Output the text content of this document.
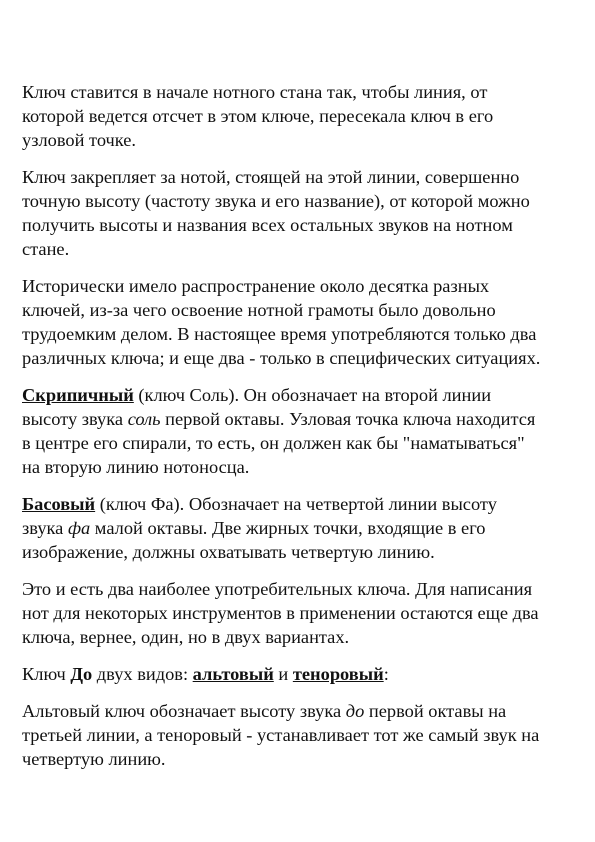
Ключ ставится в начале нотного стана так, чтобы линия, от которой ведется отсчет в этом ключе, пересекала ключ в его узловой точке.

Ключ закрепляет за нотой, стоящей на этой линии, совершенно точную высоту (частоту звука и его название), от которой можно получить высоты и названия всех остальных звуков на нотном стане.

Исторически имело распространение около десятка разных ключей, из-за чего освоение нотной грамоты было довольно трудоемким делом. В настоящее время употребляются только два различных ключа; и еще два - только в специфических ситуациях.

Скрипичный (ключ Соль). Он обозначает на второй линии высоту звука соль первой октавы. Узловая точка ключа находится в центре его спирали, то есть, он должен как бы "наматываться" на вторую линию нотоносца.

Басовый (ключ Фа). Обозначает на четвертой линии высоту звука фа малой октавы. Две жирных точки, входящие в его изображение, должны охватывать четвертую линию.

Это и есть два наиболее употребительных ключа. Для написания нот для некоторых инструментов в применении остаются еще два ключа, вернее, один, но в двух вариантах.

Ключ До двух видов: альтовый и теноровый:

Альтовый ключ обозначает высоту звука до первой октавы на третьей линии, а теноровый - устанавливает тот же самый звук на четвертую линию.
